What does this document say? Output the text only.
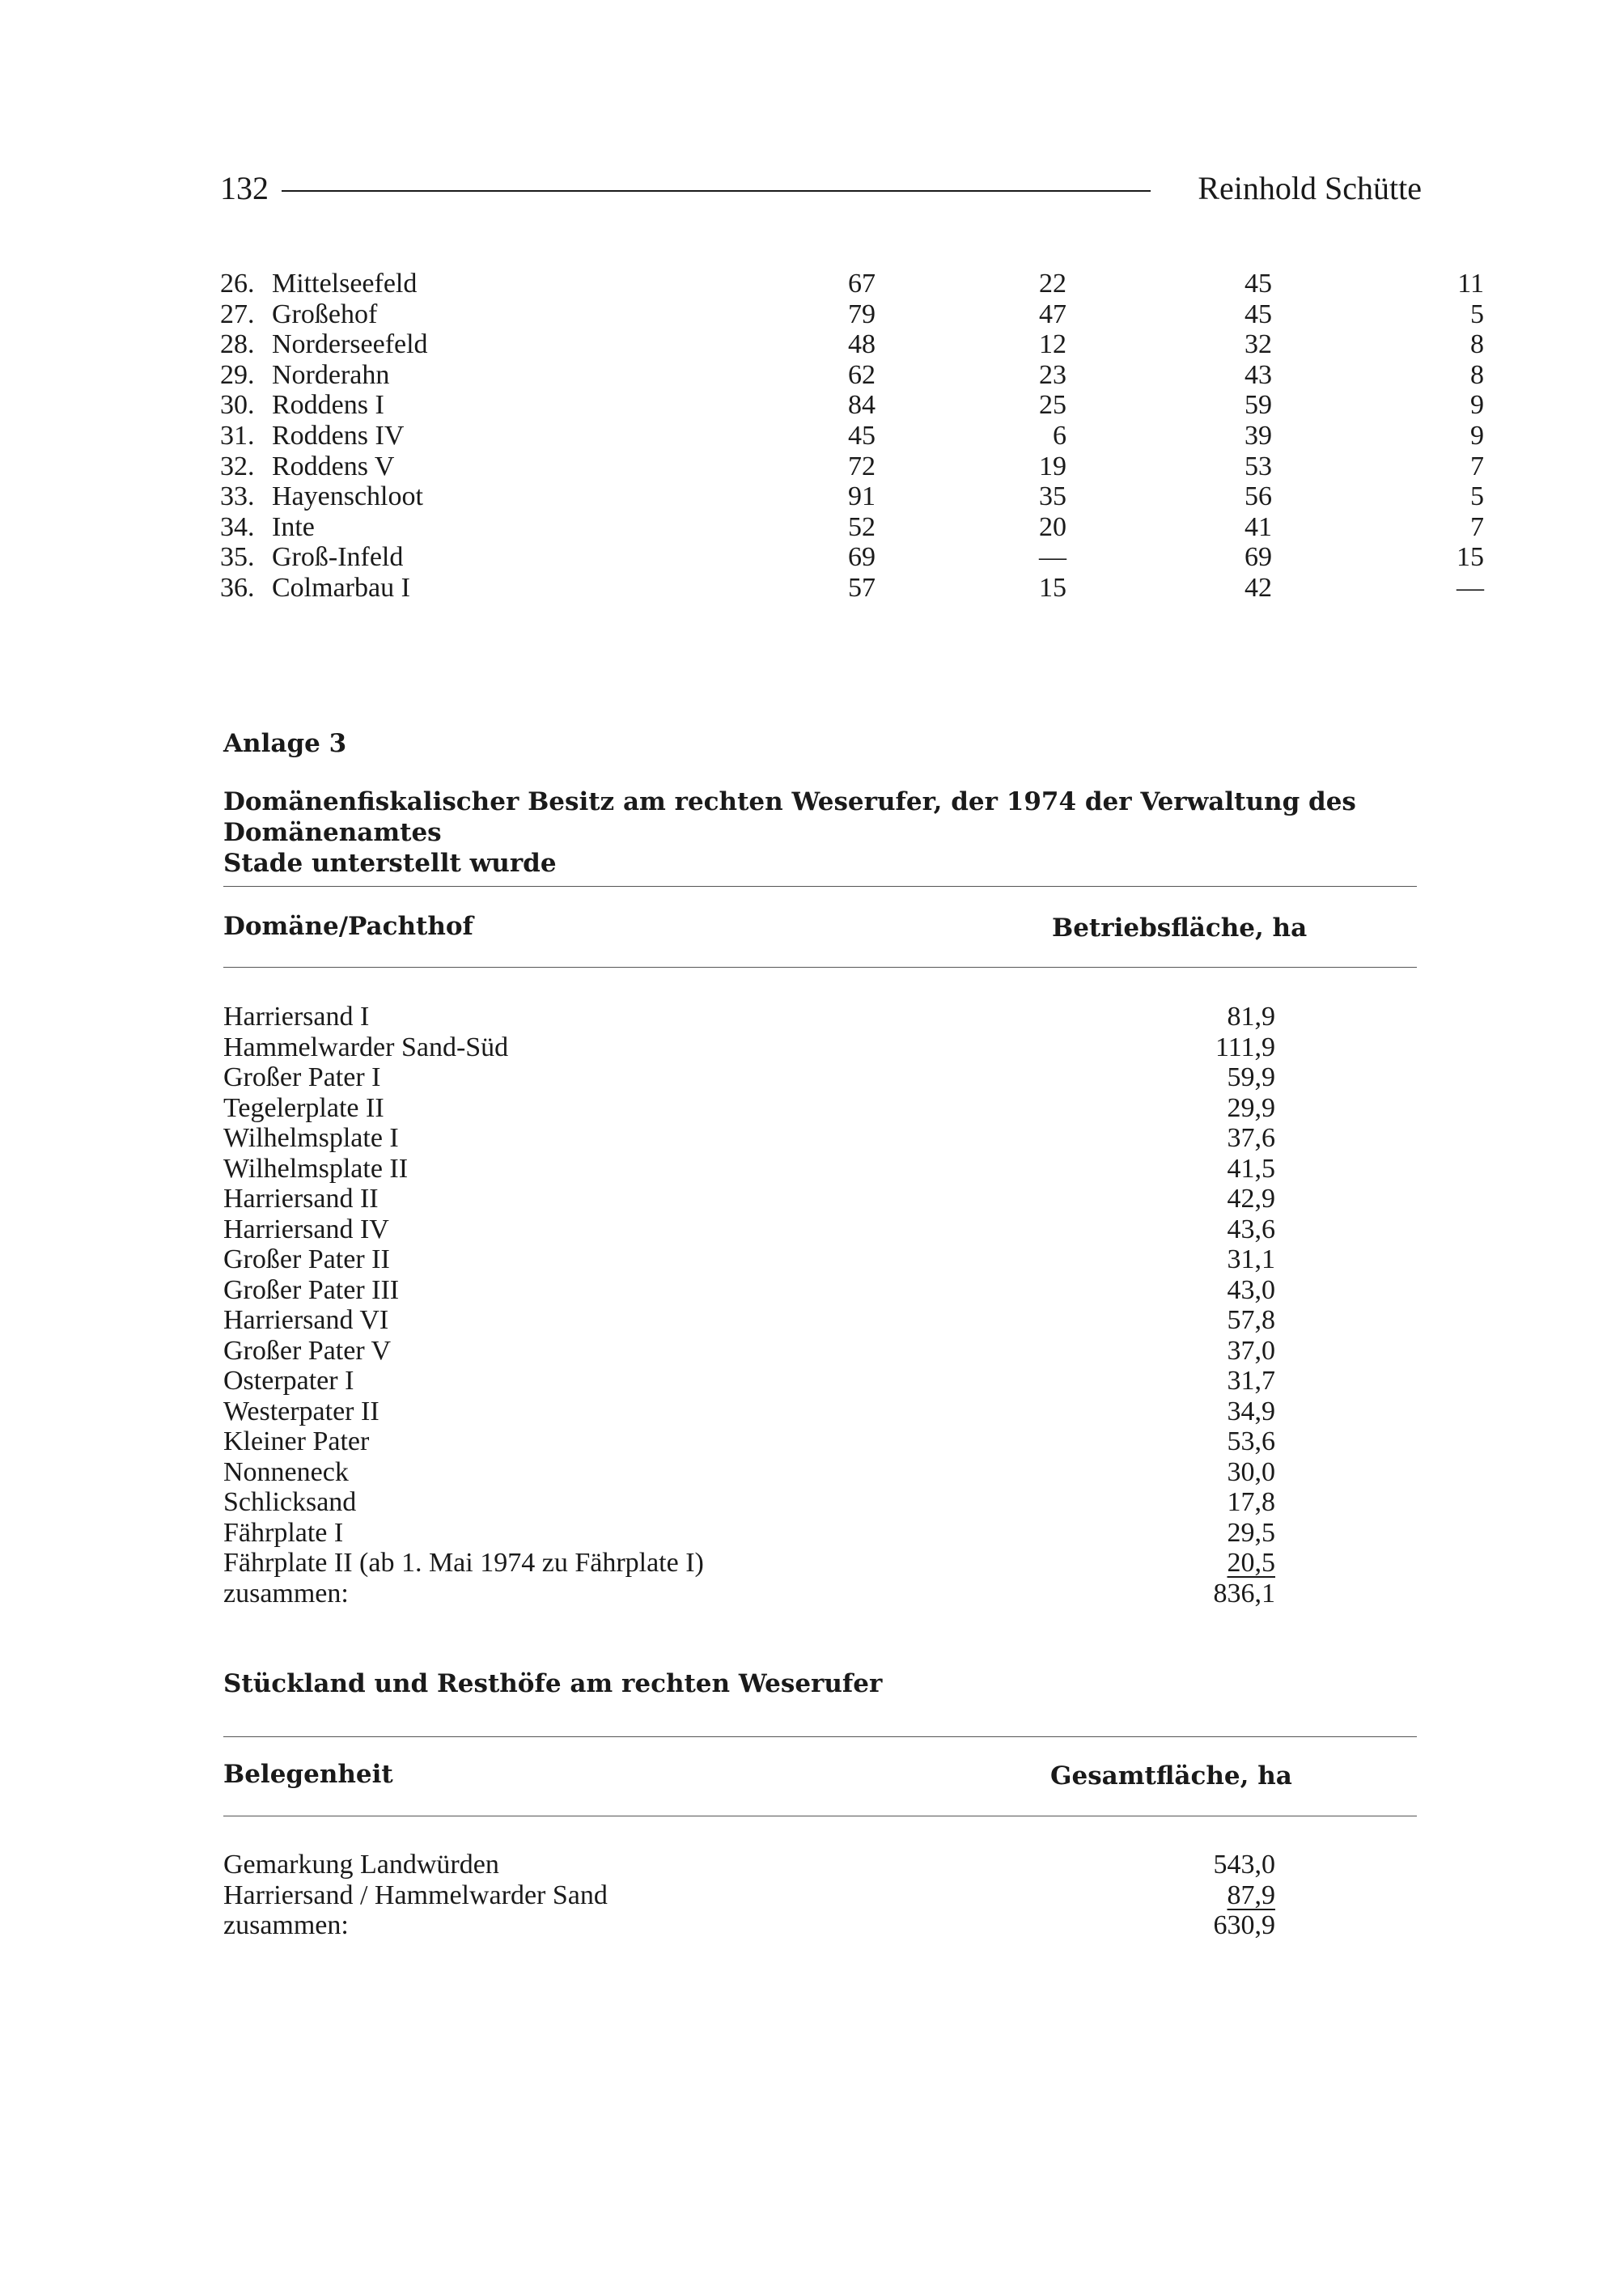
132	Reinhold Schütte
26. Mittelseefeld	67	22	45	11
27. Großehof	79	47	45	5
28. Norderseefeld	48	12	32	8
29. Norderahn	62	23	43	8
30. Roddens I	84	25	59	9
31. Roddens IV	45	6	39	9
32. Roddens V	72	19	53	7
33. Hayenschloot	91	35	56	5
34. Inte	52	20	41	7
35. Groß-Infeld	69	—	69	15
36. Colmarbau I	57	15	42	—
Anlage 3
Domänenfiskalischer Besitz am rechten Weserufer, der 1974 der Verwaltung des Domänenamtes
Stade unterstellt wurde
Domäne/Pachthof	Betriebsfläche, ha
Harriersand I	81,9
Hammelwarder Sand-Süd	111,9
Großer Pater I	59,9
Tegelerplate II	29,9
Wilhelmsplate I	37,6
Wilhelmsplate II	41,5
Harriersand II	42,9
Harriersand IV	43,6
Großer Pater II	31,1
Großer Pater III	43,0
Harriersand VI	57,8
Großer Pater V	37,0
Osterpater I	31,7
Westerpater II	34,9
Kleiner Pater	53,6
Nonneneck	30,0
Schlicksand	17,8
Fährplate I	29,5
Fährplate II (ab 1. Mai 1974 zu Fährplate I)	20,5
zusammen:	836,1
Stückland und Resthöfe am rechten Weserufer
Belegenheit	Gesamtfläche, ha
Gemarkung Landwürden	543,0
Harriersand / Hammelwarder Sand	87,9
zusammen:	630,9
